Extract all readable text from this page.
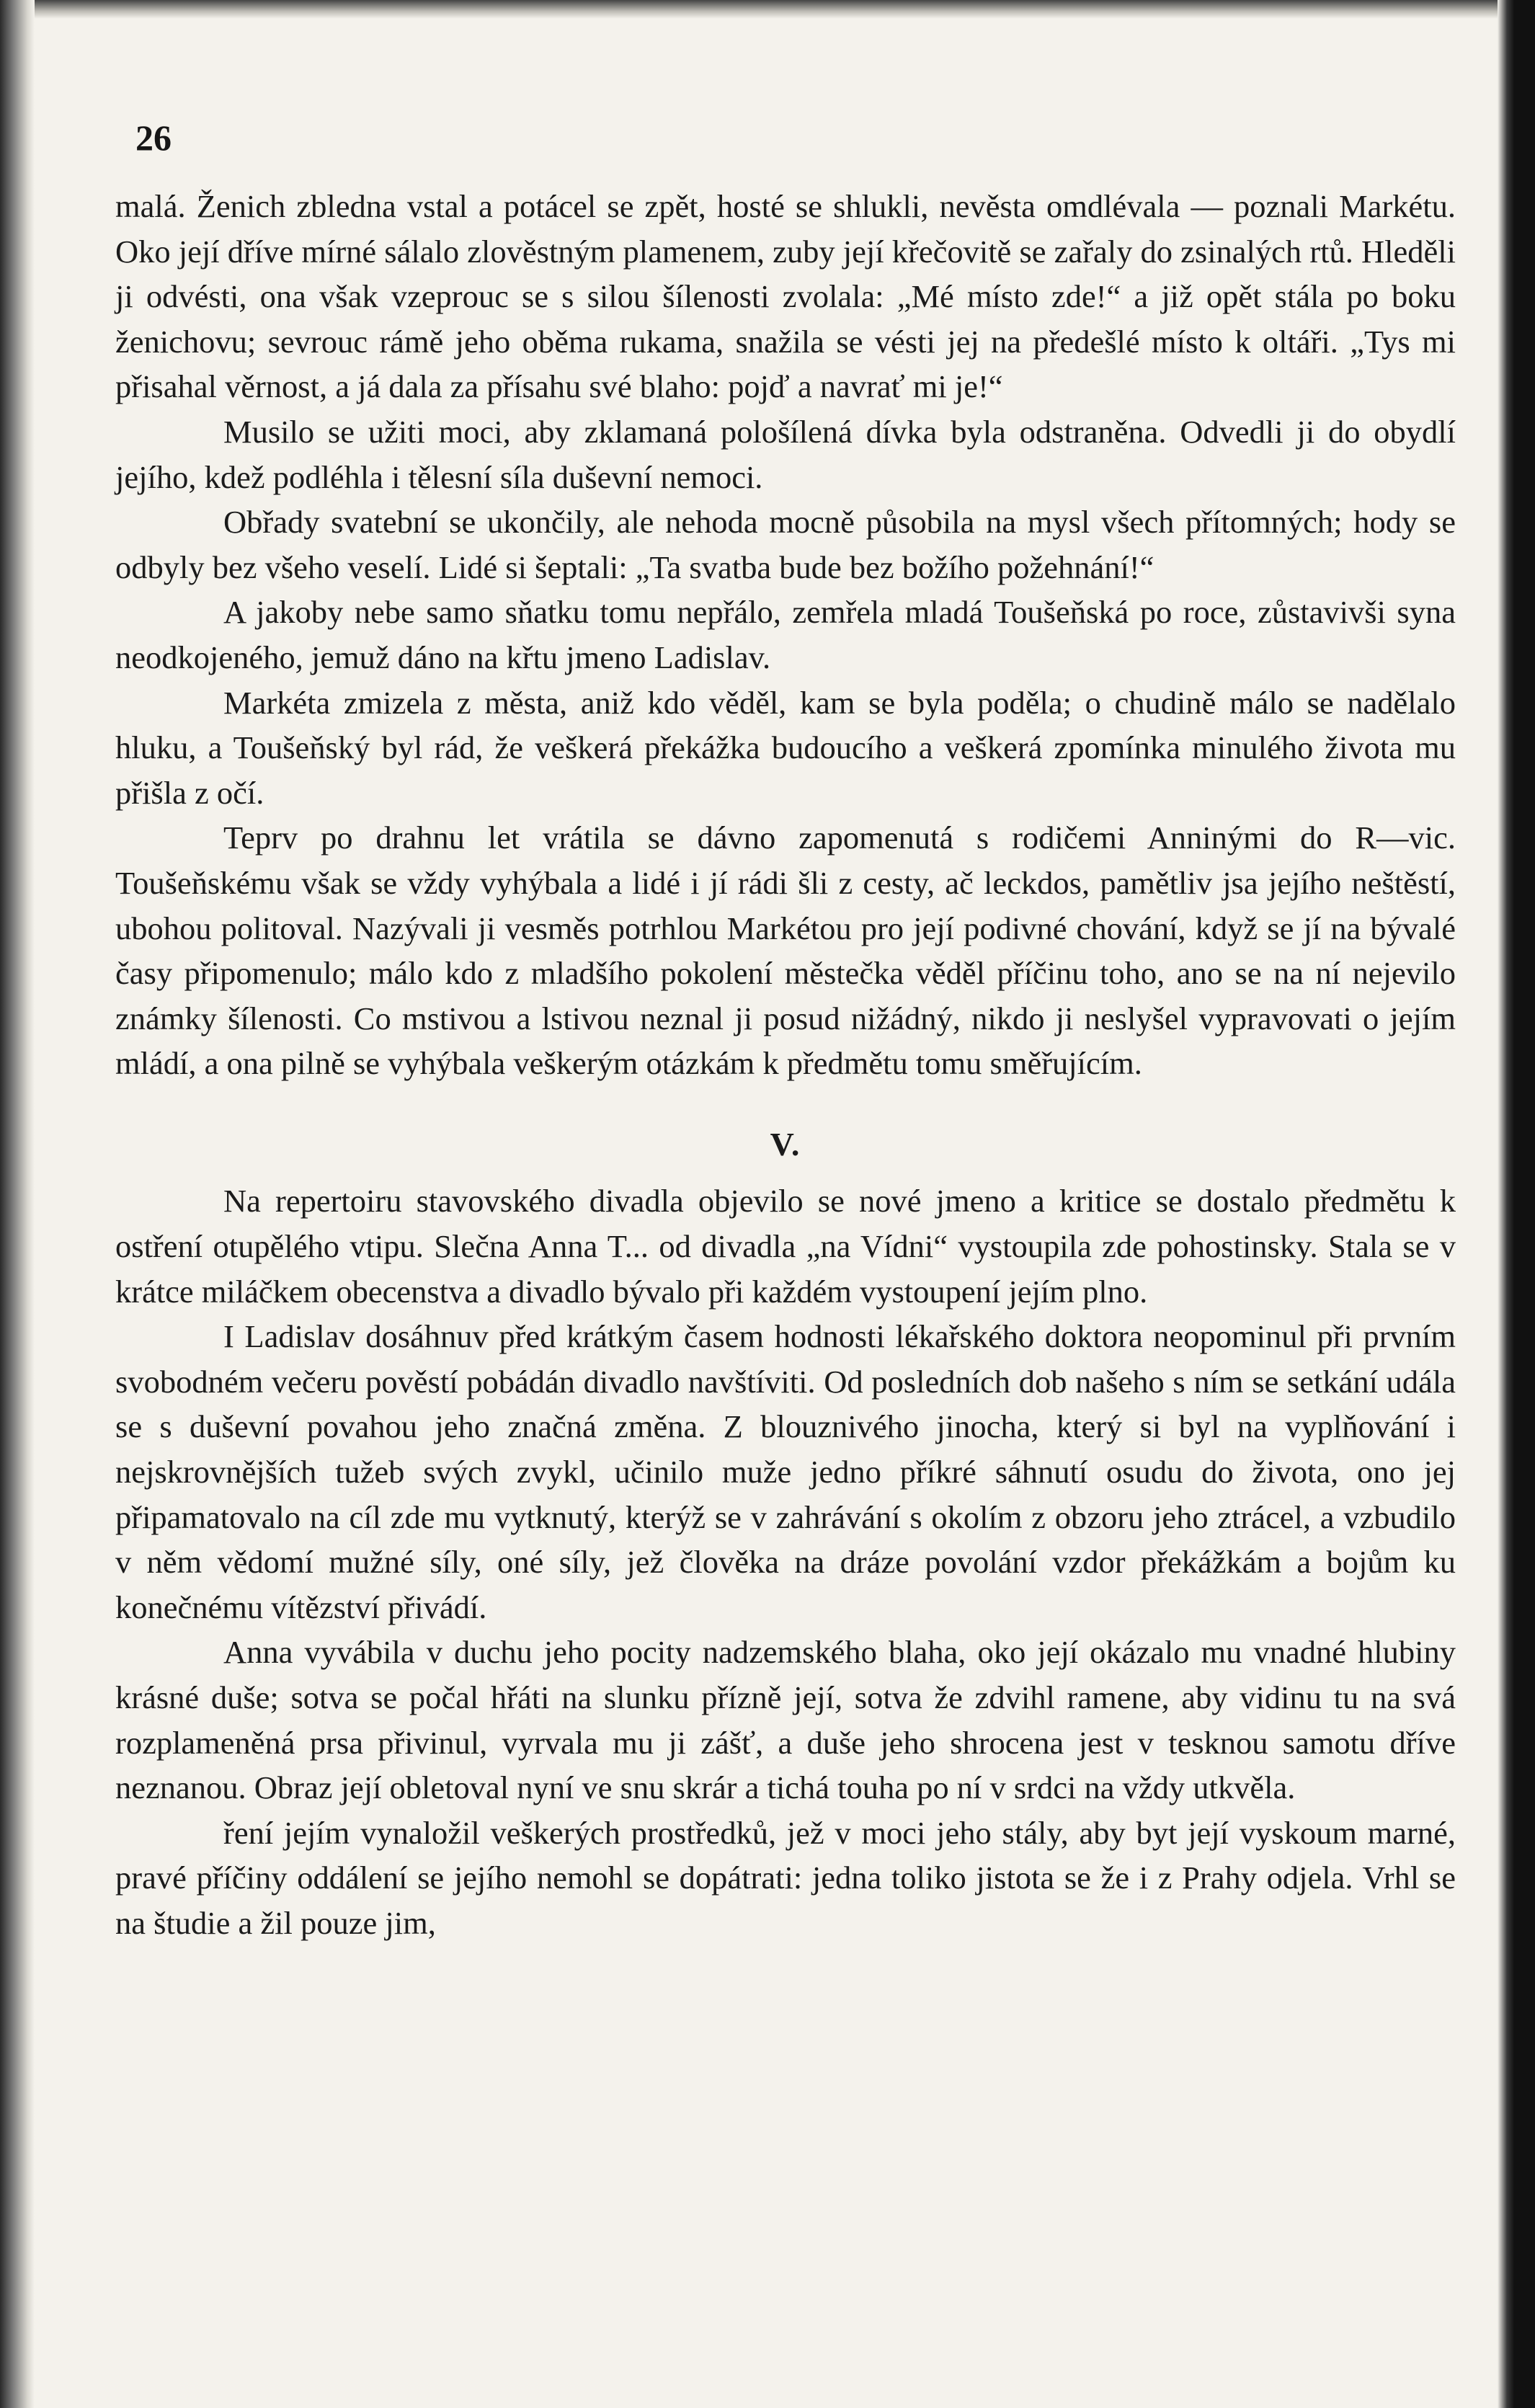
26

malá. Ženich zbledna vstal a potácel se zpět, hosté se shlukli, nevěsta omdlévala — poznali Markétu. Oko její dříve mírné sálalo zlověstným plamenem, zuby její křečovitě se zařaly do zsinalých rtů. Hleděli ji odvésti, ona však vzeprouc se s silou šílenosti zvolala: „Mé místo zde!“ a již opět stála po boku ženichovu; sevrouc rámě jeho oběma rukama, snažila se vésti jej na předešlé místo k oltáři. „Tys mi přisahal věrnost, a já dala za přísahu své blaho: pojď a navrať mi je!“

Musilo se užiti moci, aby zklamaná pološílená dívka byla odstraněna. Odvedli ji do obydlí jejího, kdež podléhla i tělesní síla duševní nemoci.

Obřady svatební se ukončily, ale nehoda mocně působila na mysl všech přítomných; hody se odbyly bez všeho veselí. Lidé si šeptali: „Ta svatba bude bez božího požehnání!“

A jakoby nebe samo sňatku tomu nepřálo, zemřela mladá Toušeňská po roce, zůstavivši syna neodkojeného, jemuž dáno na křtu jmeno Ladislav.

Markéta zmizela z města, aniž kdo věděl, kam se byla poděla; o chudině málo se nadělalo hluku, a Toušeňský byl rád, že veškerá překážka budoucího a veškerá zpomínka minulého života mu přišla z očí.

Teprv po drahnu let vrátila se dávno zapomenutá s rodičemi Anninými do R—vic. Toušeňskému však se vždy vyhýbala a lidé i jí rádi šli z cesty, ač leckdos, pamětliv jsa jejího neštěstí, ubohou politoval. Nazývali ji vesměs potrhlou Markétou pro její podivné chování, když se jí na bývalé časy připomenulo; málo kdo z mladšího pokolení městečka věděl příčinu toho, ano se na ní nejevilo známky šílenosti. Co mstivou a lstivou neznal ji posud nižádný, nikdo ji neslyšel vypravovati o jejím mládí, a ona pilně se vyhýbala veškerým otázkám k předmětu tomu směřujícím.

V.

Na repertoiru stavovského divadla objevilo se nové jmeno a kritice se dostalo předmětu k ostření otupělého vtipu. Slečna Anna T... od divadla „na Vídni“ vystoupila zde pohostinsky. Stala se v krátce miláčkem obecenstva a divadlo bývalo při každém vystoupení jejím plno.

I Ladislav dosáhnuv před krátkým časem hodnosti lékařského doktora neopominul při prvním svobodném večeru pověstí pobádán divadlo navštíviti. Od posledních dob našeho s ním se setkání udála se s duševní povahou jeho značná změna. Z blouznivého jinocha, který si byl na vyplňování i nejskrovnějších tužeb svých zvykl, učinilo muže jedno příkré sáhnutí osudu do života, ono jej připamatovalo na cíl zde mu vytknutý, kterýž se v zahrávání s okolím z obzoru jeho ztrácel, a vzbudilo v něm vědomí mužné síly, oné síly, jež člověka na dráze povolání vzdor překážkám a bojům ku konečnému vítězství přivádí.

Anna vyvábila v duchu jeho pocity nadzemského blaha, oko její okázalo mu vnadné hlubiny krásné duše; sotva se počal hřáti na slunku přízně její, sotva že zdvihl ramene, aby vidinu tu na svá rozplameněná prsa přivinul, vyrvala mu ji zášť, a duše jeho shrocena jest v tesknou samotu dříve neznanou. Obraz její obletoval nyní ve snu skrár a tichá touha po ní v srdci na vždy utkvěla.

ření jejím vynaložil veškerých prostředků, jež v moci jeho stály, aby byt její vyskoum marné, pravé příčiny oddálení se jejího nemohl se dopátrati: jedna toliko jistota se že i z Prahy odjela. Vrhl se na študie a žil pouze jim,
